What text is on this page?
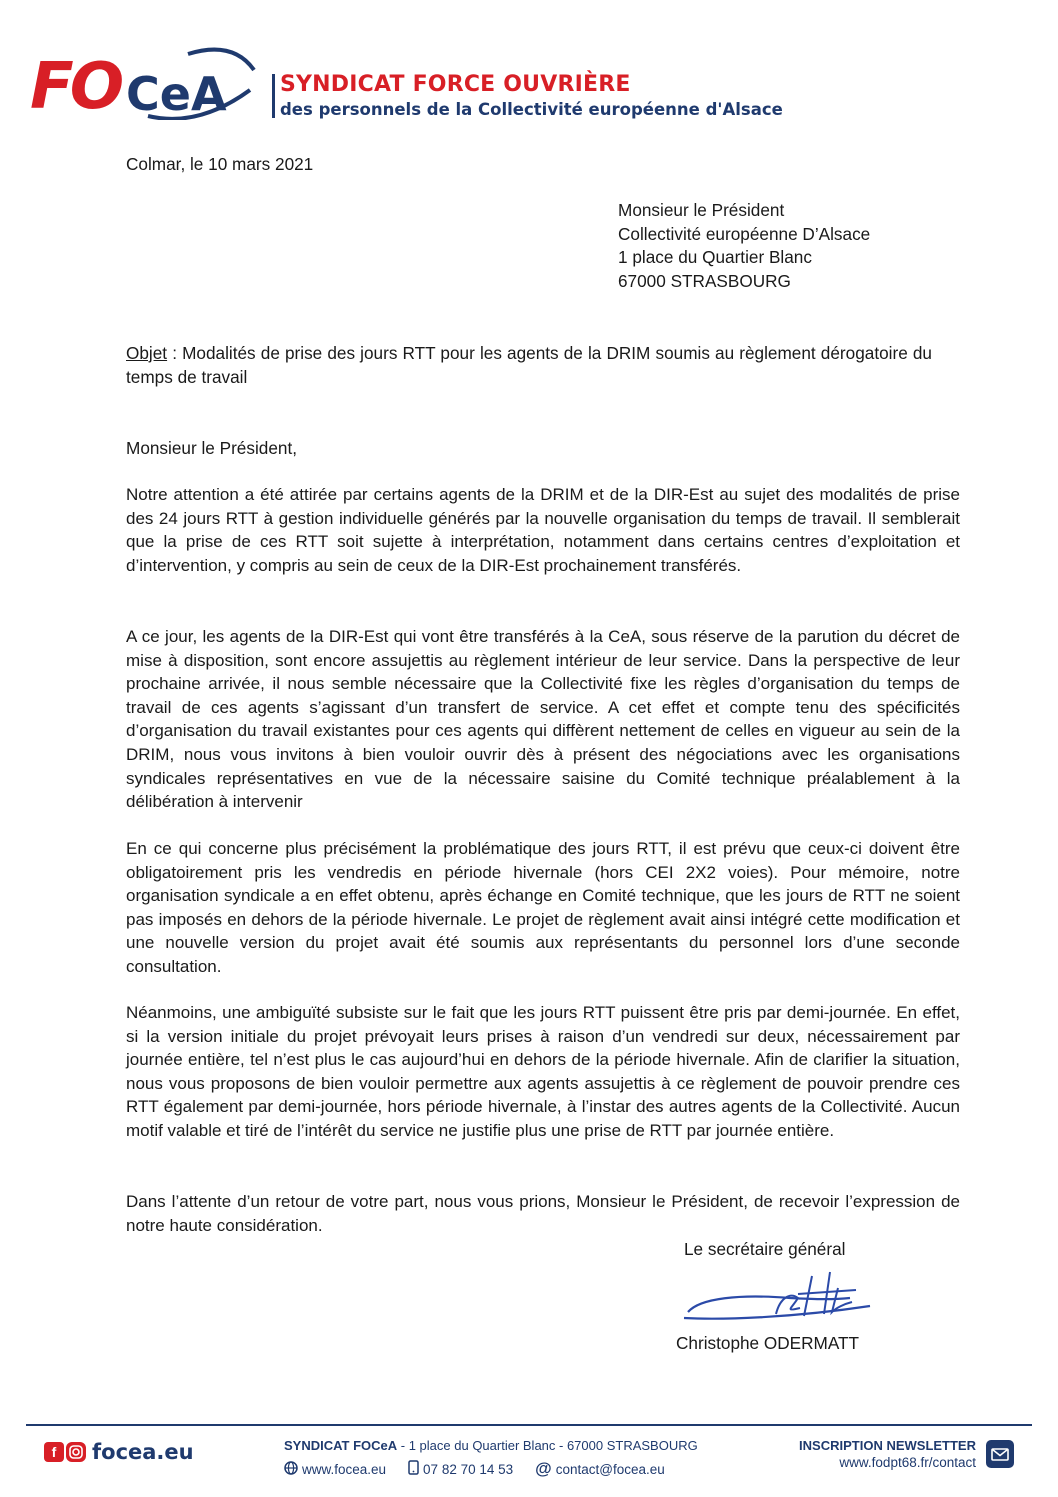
FO CeA SYNDICAT FORCE OUVRIÈRE
des personnels de la Collectivité européenne d'Alsace
Colmar, le 10 mars 2021
Monsieur le Président
Collectivité européenne D’Alsace
1 place du Quartier Blanc
67000 STRASBOURG
Objet : Modalités de prise des jours RTT pour les agents de la DRIM soumis au règlement dérogatoire du temps de travail
Monsieur le Président,
Notre attention a été attirée par certains agents de la DRIM et de la DIR-Est au sujet des modalités de prise des 24 jours RTT à gestion individuelle générés par la nouvelle organisation du temps de travail. Il semblerait que la prise de ces RTT soit sujette à interprétation, notamment dans certains centres d’exploitation et d’intervention, y compris au sein de ceux de la DIR-Est prochainement transférés.
A ce jour, les agents de la DIR-Est qui vont être transférés à la CeA, sous réserve de la parution du décret de mise à disposition, sont encore assujettis au règlement intérieur de leur service. Dans la perspective de leur prochaine arrivée, il nous semble nécessaire que la Collectivité fixe les règles d’organisation du temps de travail de ces agents s’agissant d’un transfert de service. A cet effet et compte tenu des spécificités d’organisation du travail existantes pour ces agents qui diffèrent nettement de celles en vigueur au sein de la DRIM, nous vous invitons à bien vouloir ouvrir dès à présent des négociations avec les organisations syndicales représentatives en vue de la nécessaire saisine du Comité technique préalablement à la délibération à intervenir
En ce qui concerne plus précisément la problématique des jours RTT, il est prévu que ceux-ci doivent être obligatoirement pris les vendredis en période hivernale (hors CEI 2X2 voies). Pour mémoire, notre organisation syndicale a en effet obtenu, après échange en Comité technique, que les jours de RTT ne soient pas imposés en dehors de la période hivernale. Le projet de règlement avait ainsi intégré cette modification et une nouvelle version du projet avait été soumis aux représentants du personnel lors d’une seconde consultation.
Néanmoins, une ambiguïté subsiste sur le fait que les jours RTT puissent être pris par demi-journée. En effet, si la version initiale du projet prévoyait leurs prises à raison d’un vendredi sur deux, nécessairement par journée entière, tel n’est plus le cas aujourd’hui en dehors de la période hivernale. Afin de clarifier la situation, nous vous proposons de bien vouloir permettre aux agents assujettis à ce règlement de pouvoir prendre ces RTT également par demi-journée, hors période hivernale, à l’instar des autres agents de la Collectivité. Aucun motif valable et tiré de l’intérêt du service ne justifie plus une prise de RTT par journée entière.
Dans l’attente d’un retour de votre part, nous vous prions, Monsieur le Président, de recevoir l’expression de notre haute considération.
Le secrétaire général
Christophe ODERMATT
f	focea.eu	SYNDICAT FOCeA - 1 place du Quartier Blanc - 67000 STRASBOURG
www.focea.eu	07 82 70 14 53 @ contact@focea.eu
INSCRIPTION NEWSLETTER
www.fodpt68.fr/contact
